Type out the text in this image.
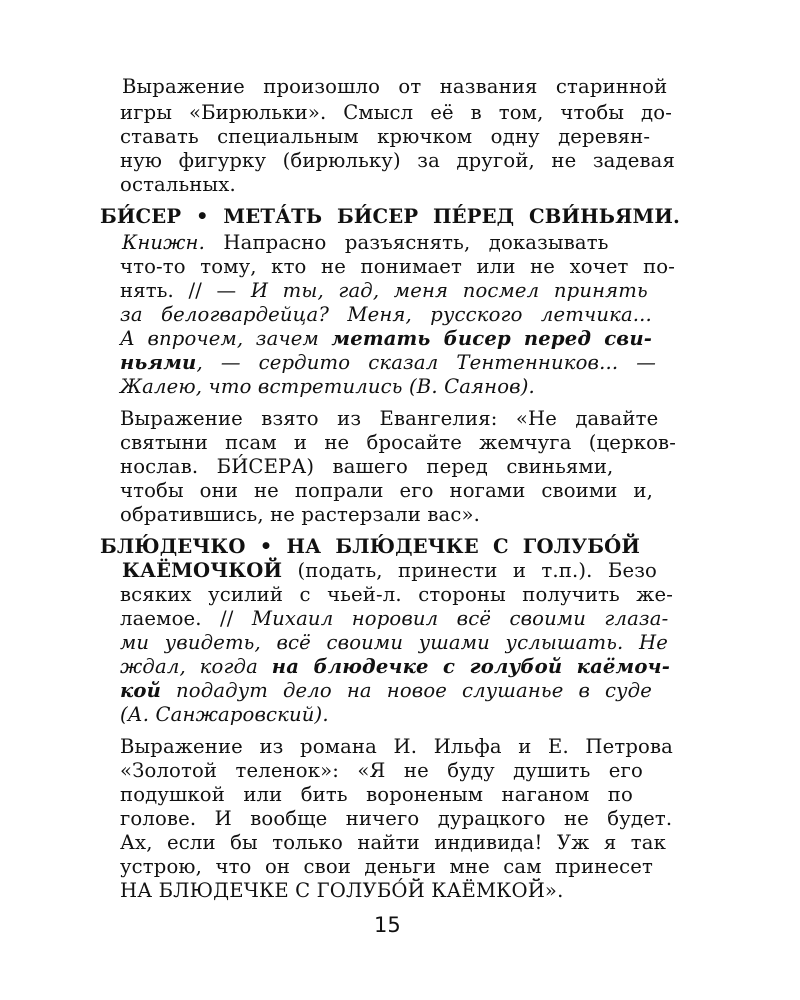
Выражение произошло от названия старинной
игры «Бирюльки». Смысл её в том, чтобы до-
ставать специальным крючком одну деревян-
ную фигурку (бирюльку) за другой, не задевая
остальных.
БИ́СЕР • МЕТА́ТЬ БИ́СЕР ПЕ́РЕД СВИ́НЬЯМИ.
Книжн. Напрасно разъяснять, доказывать
что-то тому, кто не понимает или не хочет по-
нять. // — И ты, гад, меня посмел принять
за белогвардейца? Меня, русского летчика...
А впрочем, зачем метать бисер перед сви-
ньями, — сердито сказал Тентенников... —
Жалею, что встретились (В. Саянов).
Выражение взято из Евангелия: «Не давайте
святыни псам и не бросайте жемчуга (церков-
нослав. БИ́СЕРА) вашего перед свиньями,
чтобы они не попрали его ногами своими и,
обратившись, не растерзали вас».
БЛЮ́ДЕЧКО • НА БЛЮ́ДЕЧКЕ С ГОЛУБО́Й
КАЁМОЧКОЙ (подать, принести и т.п.). Безо
всяких усилий с чьей-л. стороны получить же-
лаемое. // Михаил норовил всё своими глаза-
ми увидеть, всё своими ушами услышать. Не
ждал, когда на блюдечке с голубой каёмоч-
кой подадут дело на новое слушанье в суде
(А. Санжаровский).
Выражение из романа И. Ильфа и Е. Петрова
«Золотой теленок»: «Я не буду душить его
подушкой или бить вороненым наганом по
голове. И вообще ничего дурацкого не будет.
Ах, если бы только найти индивида! Уж я так
устрою, что он свои деньги мне сам принесет
НА БЛЮДЕЧКЕ С ГОЛУБО́Й КАЁМКОЙ».
15
